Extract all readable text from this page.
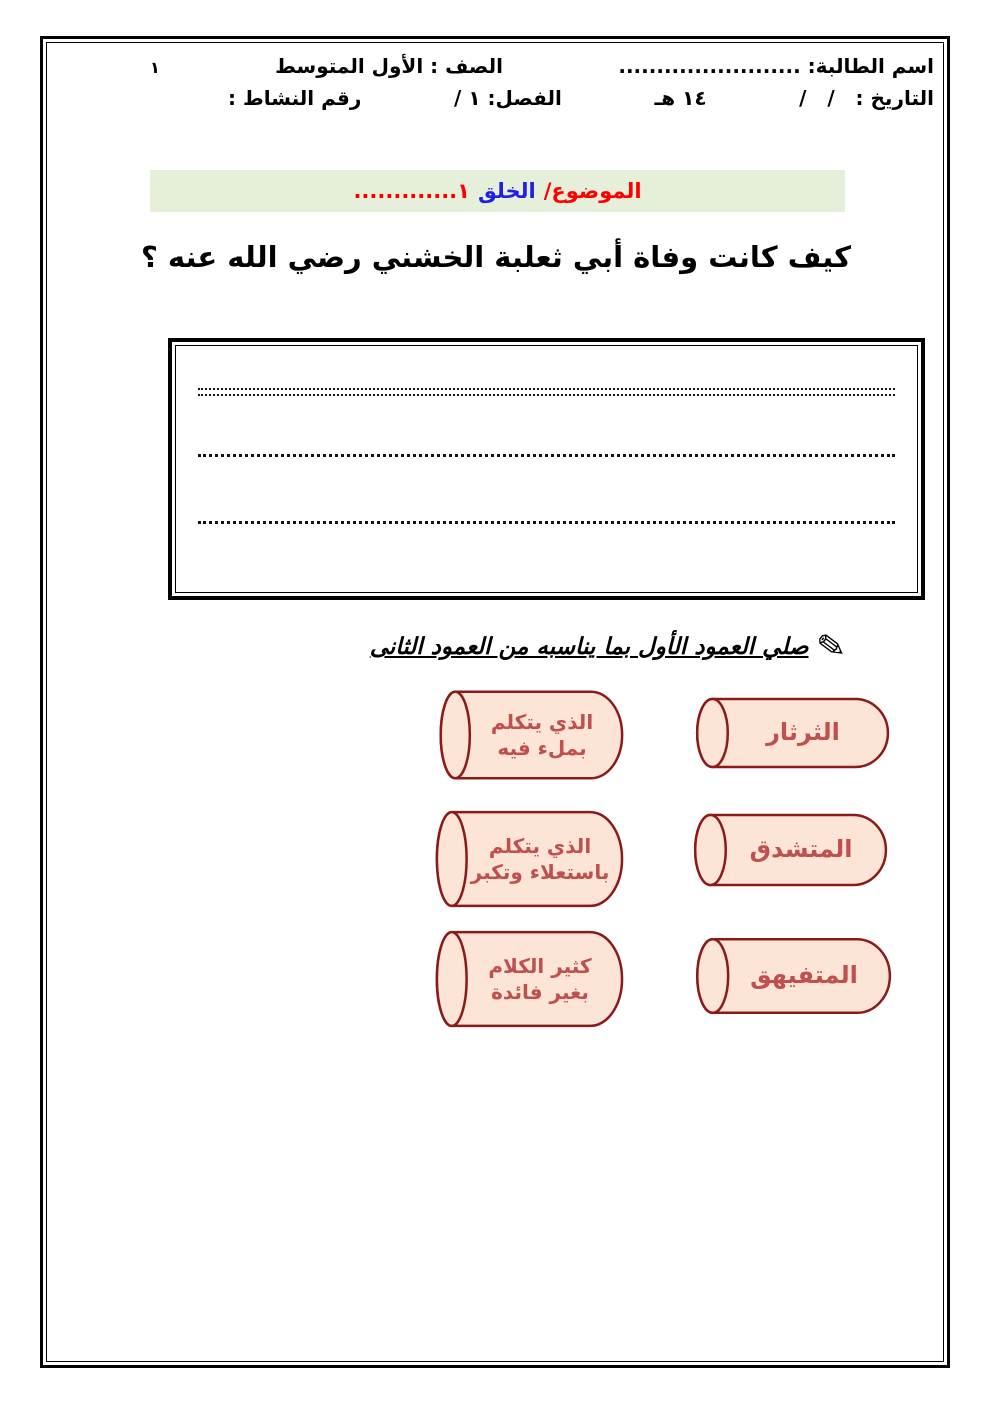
اسم الطالبة: ........................
الصف : الأول المتوسط
١
التاريخ :   /   /
١٤ هـ
الفصل: ١ /
رقم النشاط :
الموضوع/
الخلق
١.............
كيف كانت وفاة أبي ثعلبة الخشني رضي الله عنه ؟
✎
صلي العمود الأول بما يناسبه من العمود الثانى
الذي يتكلم بملء فيه
الذي يتكلم باستعلاء وتكبر
كثير الكلام بغير فائدة
الثرثار
المتشدق
المتفيهق
